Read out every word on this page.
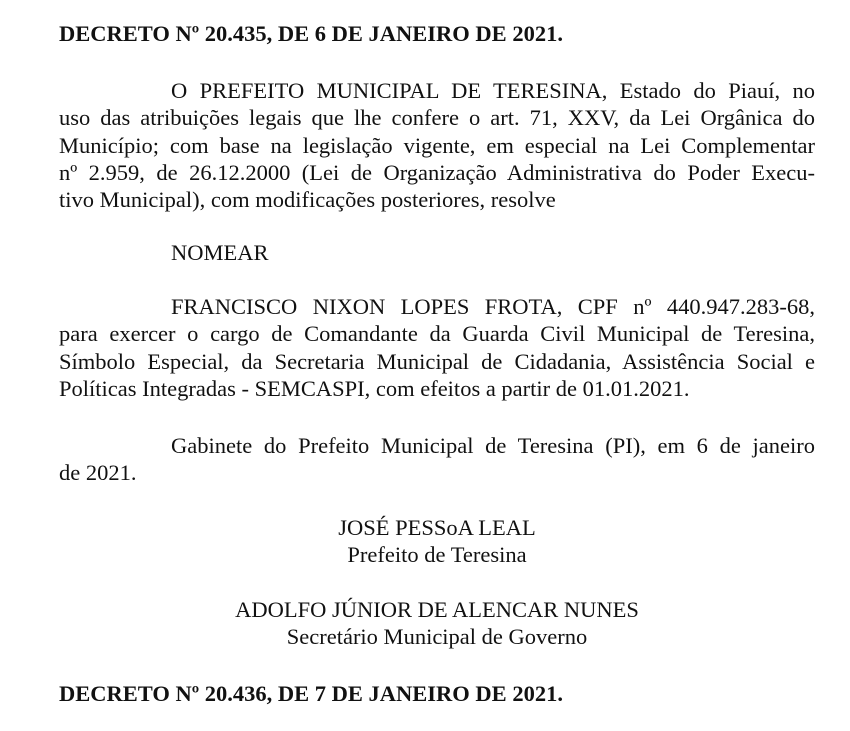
DECRETO Nº 20.435, DE 6 DE JANEIRO DE 2021.

O PREFEITO MUNICIPAL DE TERESINA, Estado do Piauí, no
uso das atribuições legais que lhe confere o art. 71, XXV, da Lei Orgânica do
Município; com base na legislação vigente, em especial na Lei Complementar
nº 2.959, de 26.12.2000 (Lei de Organização Administrativa do Poder Execu-
tivo Municipal), com modificações posteriores, resolve

NOMEAR

FRANCISCO NIXON LOPES FROTA, CPF nº 440.947.283-68,
para exercer o cargo de Comandante da Guarda Civil Municipal de Teresina,
Símbolo Especial, da Secretaria Municipal de Cidadania, Assistência Social e
Políticas Integradas - SEMCASPI, com efeitos a partir de 01.01.2021.
Gabinete do Prefeito Municipal de Teresina (PI), em 6 de janeiro
de 2021.

JOSÉ PESSoA LEAL

Prefeito de Teresina

ADOLFO JÚNIOR DE ALENCAR NUNES

Secretário Municipal de Governo

DECRETO Nº 20.436, DE 7 DE JANEIRO DE 2021.
